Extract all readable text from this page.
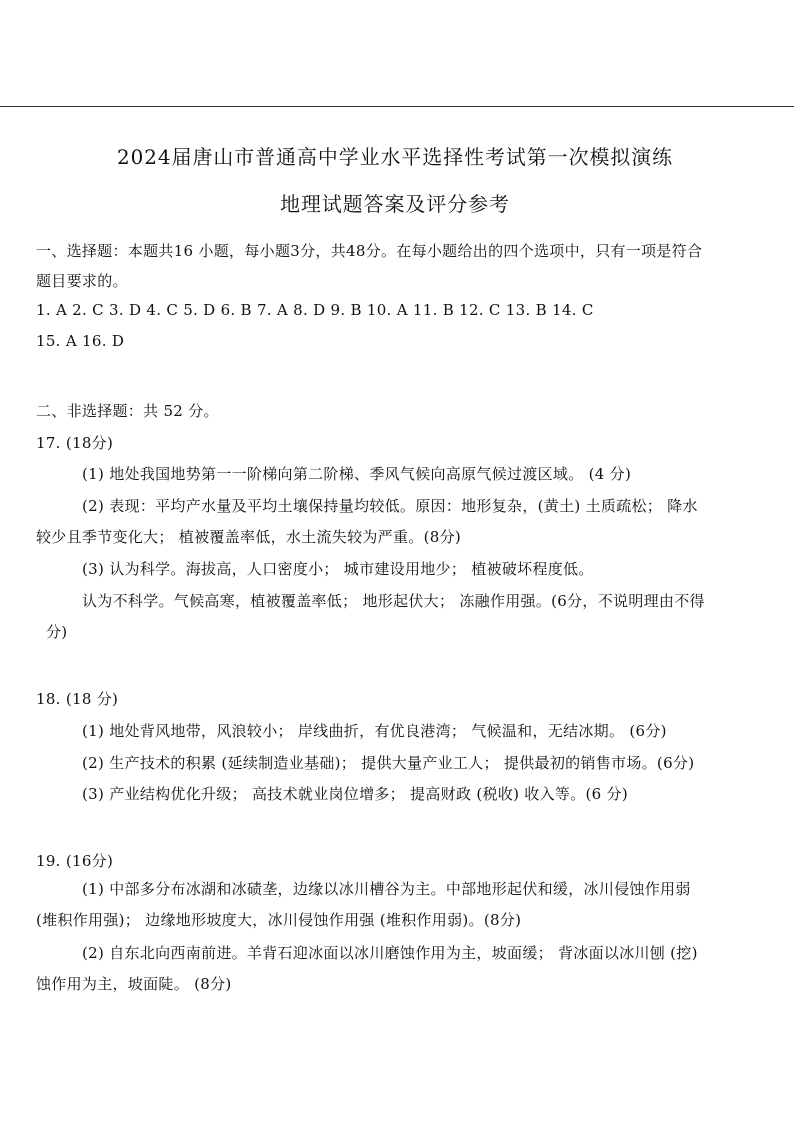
2024届唐山市普通高中学业水平选择性考试第一次模拟演练
地理试题答案及评分参考
一、选择题：本题共16 小题，每小题3分，共48分。在每小题给出的四个选项中，只有一项是符合
题目要求的。
1. A 2. C 3. D 4. C 5. D 6. B 7. A 8. D 9. B 10. A 11. B 12. C 13. B 14. C
15. A 16. D
二、非选择题：共 52 分。
17. (18分)
(1) 地处我国地势第一一阶梯向第二阶梯、季风气候向高原气候过渡区域。 (4 分)
(2) 表现：平均产水量及平均土壤保持量均较低。原因：地形复杂，(黄土) 土质疏松； 降水
较少且季节变化大； 植被覆盖率低，水土流失较为严重。(8分)
(3) 认为科学。海拔高，人口密度小； 城市建设用地少； 植被破坏程度低。
认为不科学。气候高寒，植被覆盖率低； 地形起伏大； 冻融作用强。(6分，不说明理由不得
分)
18. (18 分)
(1) 地处背风地带，风浪较小； 岸线曲折，有优良港湾； 气候温和，无结冰期。 (6分)
(2) 生产技术的积累 (延续制造业基础)； 提供大量产业工人； 提供最初的销售市场。(6分)
(3) 产业结构优化升级； 高技术就业岗位增多； 提高财政 (税收) 收入等。(6 分)
19. (16分)
(1) 中部多分布冰湖和冰碛垄，边缘以冰川槽谷为主。中部地形起伏和缓，冰川侵蚀作用弱
(堆积作用强)； 边缘地形坡度大，冰川侵蚀作用强 (堆积作用弱)。(8分)
(2) 自东北向西南前进。羊背石迎冰面以冰川磨蚀作用为主，坡面缓； 背冰面以冰川刨 (挖)
蚀作用为主，坡面陡。 (8分)
